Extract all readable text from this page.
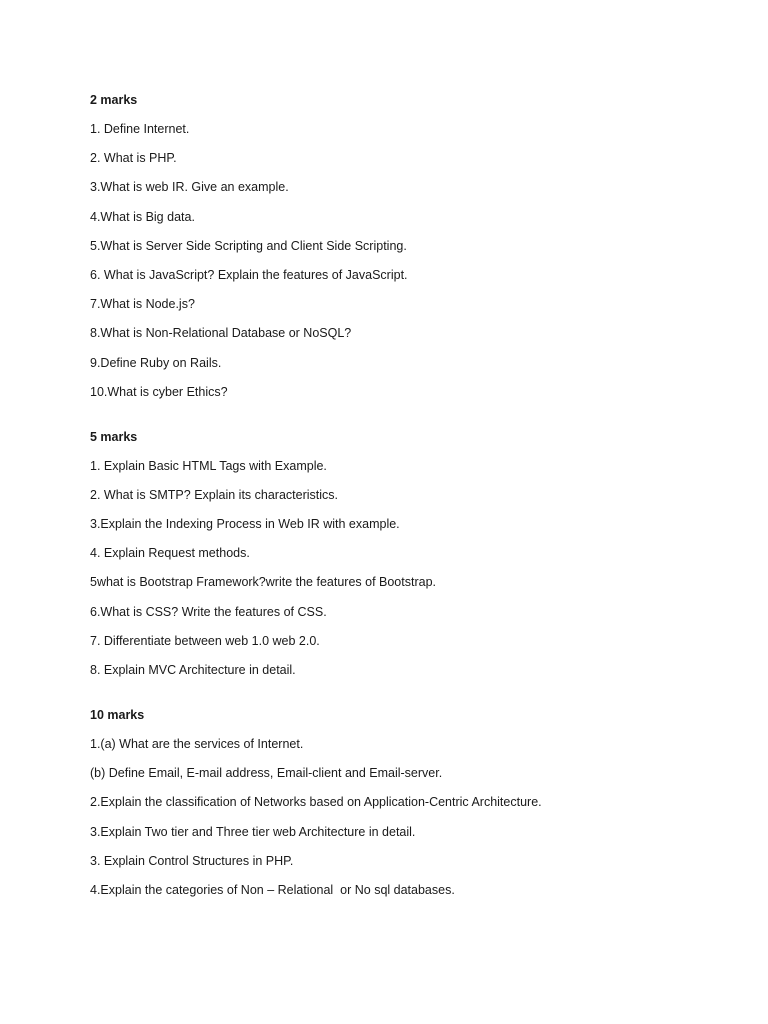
2 marks
1. Define Internet.
2. What is PHP.
3.What is web IR. Give an example.
4.What is Big data.
5.What is Server Side Scripting and Client Side Scripting.
6. What is JavaScript? Explain the features of JavaScript.
7.What is Node.js?
8.What is Non-Relational Database or NoSQL?
9.Define Ruby on Rails.
10.What is cyber Ethics?
5 marks
1. Explain Basic HTML Tags with Example.
2. What is SMTP? Explain its characteristics.
3.Explain the Indexing Process in Web IR with example.
4. Explain Request methods.
5what is Bootstrap Framework?write the features of Bootstrap.
6.What is CSS? Write the features of CSS.
7. Differentiate between web 1.0 web 2.0.
8. Explain MVC Architecture in detail.
10 marks
1.(a) What are the services of Internet.
(b) Define Email, E-mail address, Email-client and Email-server.
2.Explain the classification of Networks based on Application-Centric Architecture.
3.Explain Two tier and Three tier web Architecture in detail.
3. Explain Control Structures in PHP.
4.Explain the categories of Non – Relational  or No sql databases.
